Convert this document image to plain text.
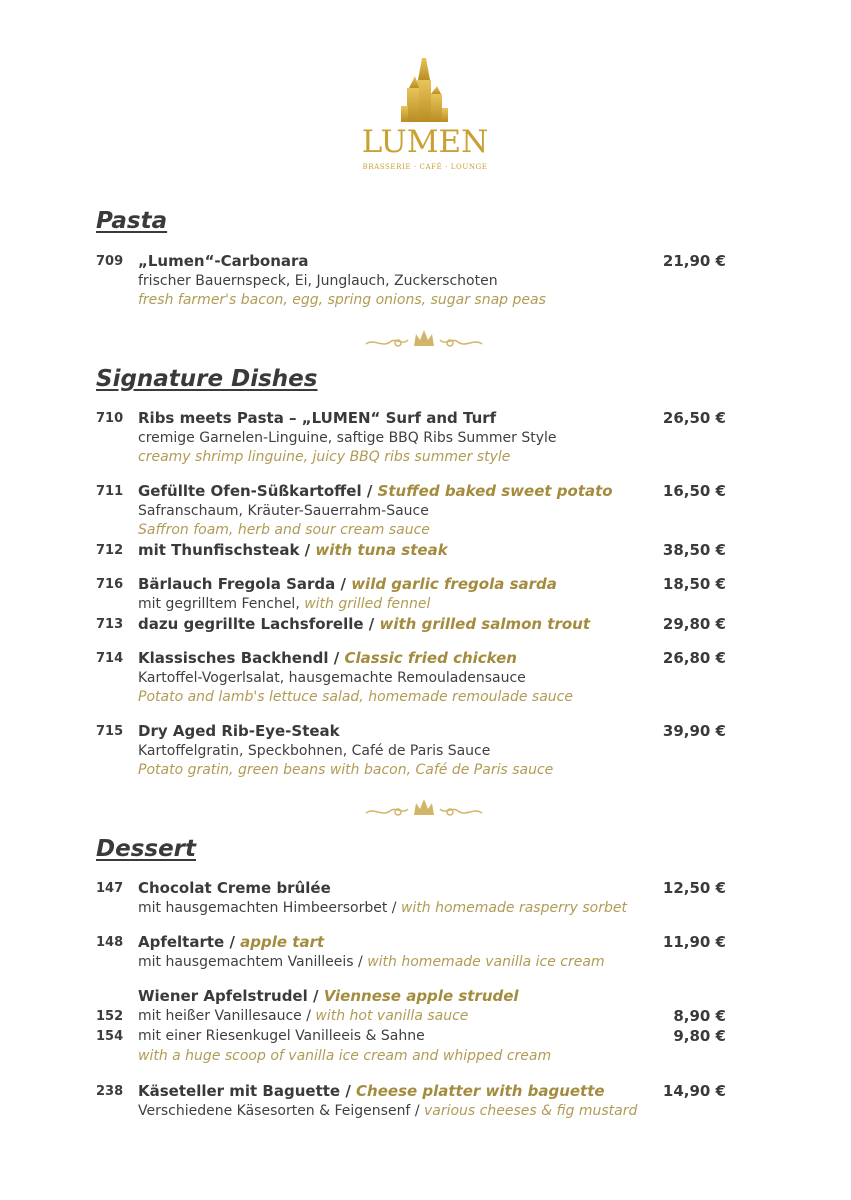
LUMEN
BRASSERIE · CAFÉ · LOUNGE
Pasta
709 „Lumen“-Carbonara	21,90 €
frischer Bauernspeck, Ei, Junglauch, Zuckerschoten
fresh farmer's bacon, egg, spring onions, sugar snap peas
Signature Dishes
710 Ribs meets Pasta – „LUMEN“ Surf and Turf	26,50 €
cremige Garnelen-Linguine, saftige BBQ Ribs Summer Style
creamy shrimp linguine, juicy BBQ ribs summer style
711 Gefüllte Ofen-Süßkartoffel / Stuffed baked sweet potato	16,50 €
Safranschaum, Kräuter-Sauerrahm-Sauce
Saffron foam, herb and sour cream sauce
712 mit Thunfischsteak / with tuna steak	38,50 €
716 Bärlauch Fregola Sarda / wild garlic fregola sarda	18,50 €
mit gegrilltem Fenchel, with grilled fennel
713 dazu gegrillte Lachsforelle / with grilled salmon trout	29,80 €
714 Klassisches Backhendl / Classic fried chicken	26,80 €
Kartoffel-Vogerlsalat, hausgemachte Remouladensauce
Potato and lamb's lettuce salad, homemade remoulade sauce
715 Dry Aged Rib-Eye-Steak	39,90 €
Kartoffelgratin, Speckbohnen, Café de Paris Sauce
Potato gratin, green beans with bacon, Café de Paris sauce
Dessert
147 Chocolat Creme brûlée	12,50 €
mit hausgemachten Himbeersorbet / with homemade rasperry sorbet
148 Apfeltarte / apple tart	11,90 €
mit hausgemachtem Vanilleeis / with homemade vanilla ice cream
Wiener Apfelstrudel / Viennese apple strudel
152 mit heißer Vanillesauce / with hot vanilla sauce	8,90 €
154 mit einer Riesenkugel Vanilleeis & Sahne	9,80 €
with a huge scoop of vanilla ice cream and whipped cream
238 Käseteller mit Baguette / Cheese platter with baguette	14,90 €
Verschiedene Käsesorten & Feigensenf / various cheeses & fig mustard
